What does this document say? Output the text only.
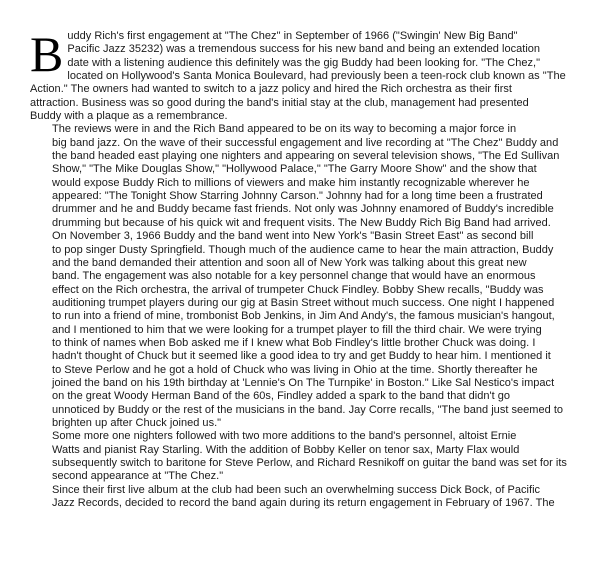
B uddy Rich's first engagement at "The Chez" in September of 1966 ("Swingin' New Big Band"
Pacific Jazz 35232) was a tremendous success for his new band and being an extended location
date with a listening audience this definitely was the gig Buddy had been looking for. "The Chez,"
located on Hollywood's Santa Monica Boulevard, had previously been a teen-rock club known as "The
Action." The owners had wanted to switch to a jazz policy and hired the Rich orchestra as their first
attraction. Business was so good during the band's initial stay at the club, management had presented
Buddy with a plaque as a remembrance.

The reviews were in and the Rich Band appeared to be on its way to becoming a major force in
big band jazz. On the wave of their successful engagement and live recording at "The Chez" Buddy and
the band headed east playing one nighters and appearing on several television shows, "The Ed Sullivan
Show," "The Mike Douglas Show," "Hollywood Palace," "The Garry Moore Show" and the show that
would expose Buddy Rich to millions of viewers and make him instantly recognizable wherever he
appeared: "The Tonight Show Starring Johnny Carson." Johnny had for a long time been a frustrated
drummer and he and Buddy became fast friends. Not only was Johnny enamored of Buddy's incredible
drumming but because of his quick wit and frequent visits. The New Buddy Rich Big Band had arrived.

On November 3, 1966 Buddy and the band went into New York's "Basin Street East" as second bill
to pop singer Dusty Springfield. Though much of the audience came to hear the main attraction, Buddy
and the band demanded their attention and soon all of New York was talking about this great new
band. The engagement was also notable for a key personnel change that would have an enormous
effect on the Rich orchestra, the arrival of trumpeter Chuck Findley. Bobby Shew recalls, "Buddy was
auditioning trumpet players during our gig at Basin Street without much success. One night I happened
to run into a friend of mine, trombonist Bob Jenkins, in Jim And Andy's, the famous musician's hangout,
and I mentioned to him that we were looking for a trumpet player to fill the third chair. We were trying
to think of names when Bob asked me if I knew what Bob Findley's little brother Chuck was doing. I
hadn't thought of Chuck but it seemed like a good idea to try and get Buddy to hear him. I mentioned it
to Steve Perlow and he got a hold of Chuck who was living in Ohio at the time. Shortly thereafter he
joined the band on his 19th birthday at 'Lennie's On The Turnpike' in Boston." Like Sal Nestico's impact
on the great Woody Herman Band of the 60s, Findley added a spark to the band that didn't go
unnoticed by Buddy or the rest of the musicians in the band. Jay Corre recalls, "The band just seemed to
brighten up after Chuck joined us."

Some more one nighters followed with two more additions to the band's personnel, altoist Ernie
Watts and pianist Ray Starling. With the addition of Bobby Keller on tenor sax, Marty Flax would
subsequently switch to baritone for Steve Perlow, and Richard Resnikoff on guitar the band was set for its
second appearance at "The Chez."

Since their first live album at the club had been such an overwhelming success Dick Bock, of Pacific
Jazz Records, decided to record the band again during its return engagement in February of 1967. The
